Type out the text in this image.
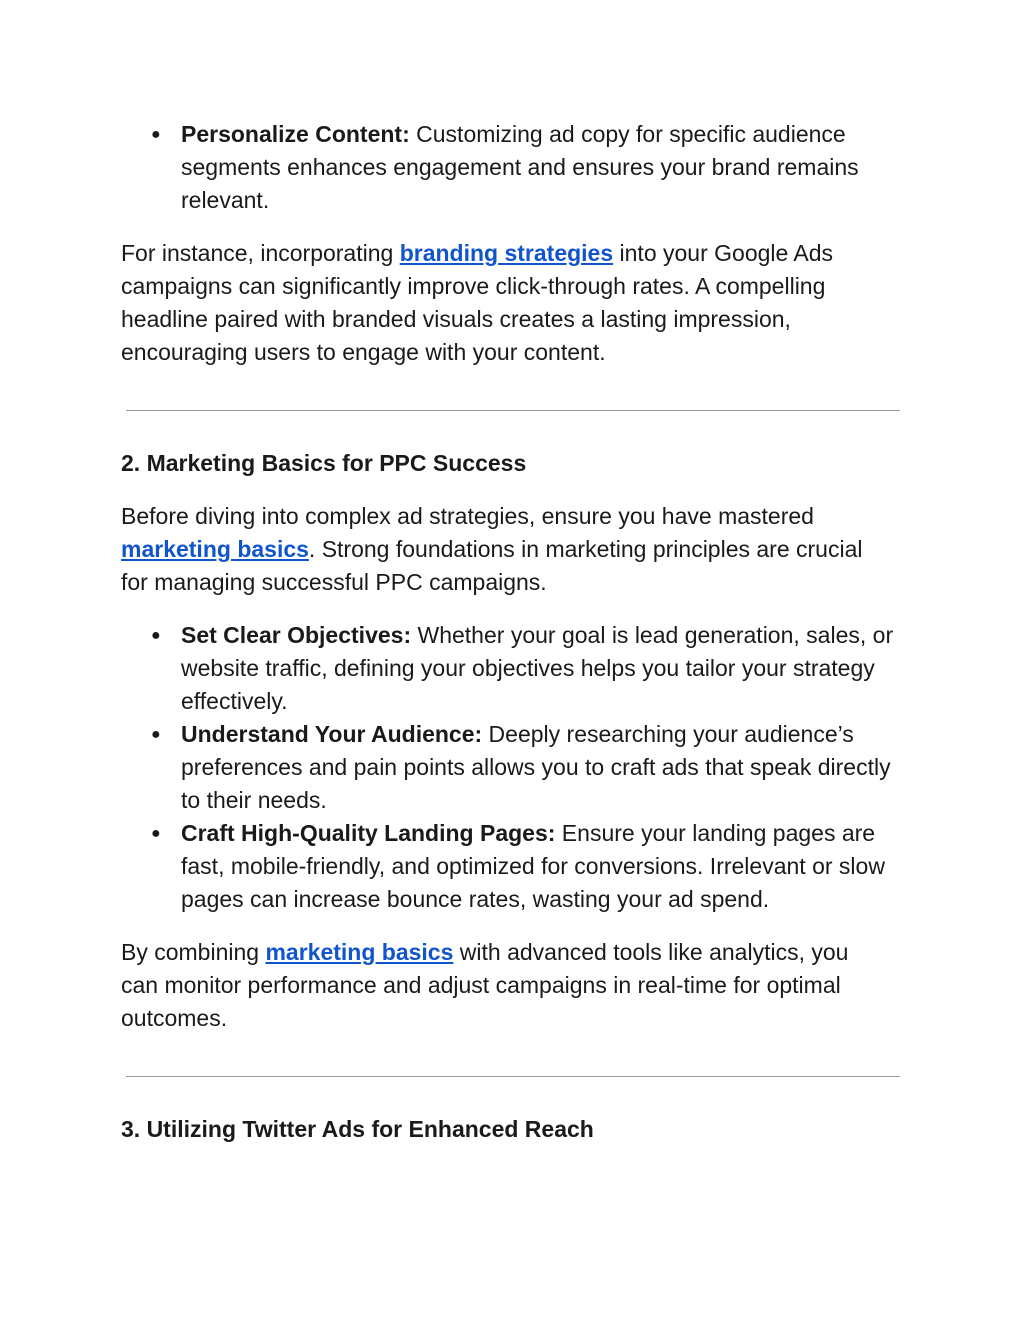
● Personalize Content: Customizing ad copy for specific audience segments enhances engagement and ensures your brand remains relevant.

For instance, incorporating branding strategies into your Google Ads campaigns can significantly improve click-through rates. A compelling headline paired with branded visuals creates a lasting impression, encouraging users to engage with your content.

2. Marketing Basics for PPC Success

Before diving into complex ad strategies, ensure you have mastered marketing basics. Strong foundations in marketing principles are crucial for managing successful PPC campaigns.

● Set Clear Objectives: Whether your goal is lead generation, sales, or website traffic, defining your objectives helps you tailor your strategy effectively.
● Understand Your Audience: Deeply researching your audience’s preferences and pain points allows you to craft ads that speak directly to their needs.
● Craft High-Quality Landing Pages: Ensure your landing pages are fast, mobile-friendly, and optimized for conversions. Irrelevant or slow pages can increase bounce rates, wasting your ad spend.

By combining marketing basics with advanced tools like analytics, you can monitor performance and adjust campaigns in real-time for optimal outcomes.

3. Utilizing Twitter Ads for Enhanced Reach
